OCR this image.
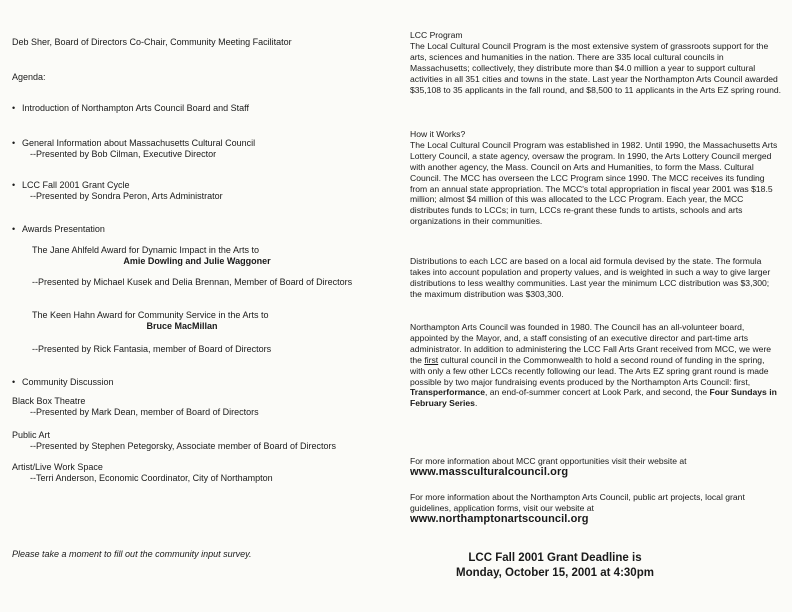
Deb Sher, Board of Directors Co-Chair, Community Meeting Facilitator

Agenda:

• Introduction of Northampton Arts Council Board and Staff

• General Information about Massachusetts Cultural Council
--Presented by Bob Cilman, Executive Director
• LCC Fall 2001 Grant Cycle
--Presented by Sondra Peron, Arts Administrator

• Awards Presentation

The Jane Ahlfeld Award for Dynamic Impact in the Arts to
Amie Dowling and Julie Waggoner
--Presented by Michael Kusek and Delia Brennan, Member of Board of Directors
The Keen Hahn Award for Community Service in the Arts to
Bruce MacMillan
--Presented by Rick Fantasia, member of Board of Directors

• Community Discussion

Black Box Theatre
--Presented by Mark Dean, member of Board of Directors
Public Art
--Presented by Stephen Petegorsky, Associate member of Board of Directors
Artist/Live Work Space
--Terri Anderson, Economic Coordinator, City of Northampton

Please take a moment to fill out the community input survey.

LCC Program
The Local Cultural Council Program is the most extensive system of grassroots support for the arts, sciences and humanities in the nation. There are 335 local cultural councils in Massachusetts; collectively, they distribute more than $4.0 million a year to support cultural activities in all 351 cities and towns in the state. Last year the Northampton Arts Council awarded $35,108 to 35 applicants in the fall round, and $8,500 to 11 applicants in the Arts EZ spring round.
How it Works?
The Local Cultural Council Program was established in 1982. Until 1990, the Massachusetts Arts Lottery Council, a state agency, oversaw the program. In 1990, the Arts Lottery Council merged with another agency, the Mass. Council on Arts and Humanities, to form the Mass. Cultural Council. The MCC has overseen the LCC Program since 1990. The MCC receives its funding from an annual state appropriation. The MCC's total appropriation in fiscal year 2001 was $18.5 million; almost $4 million of this was allocated to the LCC Program. Each year, the MCC distributes funds to LCCs; in turn, LCCs re-grant these funds to artists, schools and arts organizations in their communities.
Distributions to each LCC are based on a local aid formula devised by the state. The formula takes into account population and property values, and is weighted in such a way to give larger distributions to less wealthy communities. Last year the minimum LCC distribution was $3,300; the maximum distribution was $303,300.
Northampton Arts Council was founded in 1980. The Council has an all-volunteer board, appointed by the Mayor, and, a staff consisting of an executive director and part-time arts administrator. In addition to administering the LCC Fall Arts Grant received from MCC, we were the first cultural council in the Commonwealth to hold a second round of funding in the spring, with only a few other LCCs recently following our lead. The Arts EZ spring grant round is made possible by two major fundraising events produced by the Northampton Arts Council: first, Transperformance, an end-of-summer concert at Look Park, and second, the Four Sundays in February Series.
For more information about MCC grant opportunities visit their website at
www.massculturalcouncil.org
For more information about the Northampton Arts Council, public art projects, local grant guidelines, application forms, visit our website at
www.northamptonartscouncil.org
LCC Fall 2001 Grant Deadline is
Monday, October 15, 2001 at 4:30pm
